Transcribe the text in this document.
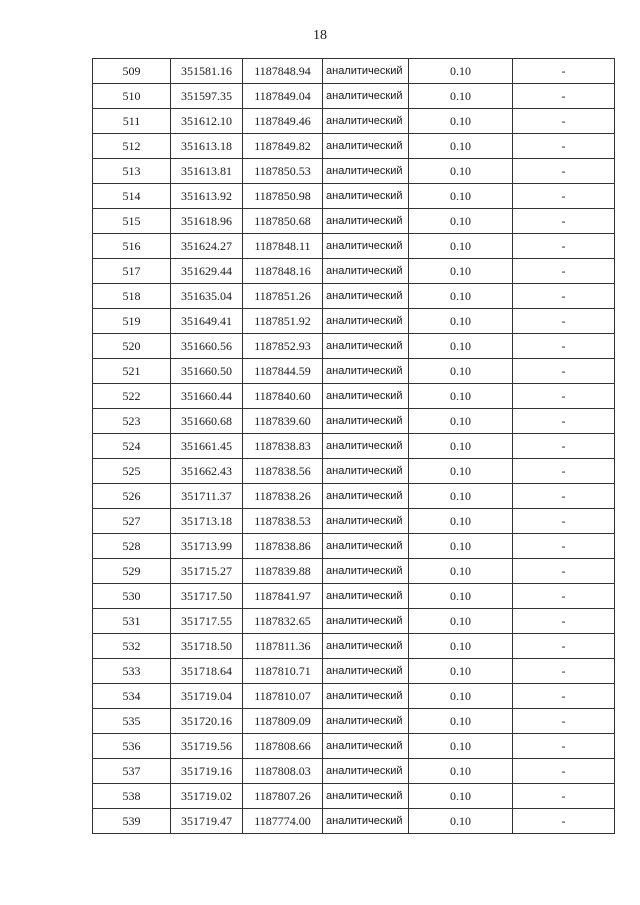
18
509	351581.16	1187848.94	аналитический	0.10	-
510	351597.35	1187849.04	аналитический	0.10	-
511	351612.10	1187849.46	аналитический	0.10	-
512	351613.18	1187849.82	аналитический	0.10	-
513	351613.81	1187850.53	аналитический	0.10	-
514	351613.92	1187850.98	аналитический	0.10	-
515	351618.96	1187850.68	аналитический	0.10	-
516	351624.27	1187848.11	аналитический	0.10	-
517	351629.44	1187848.16	аналитический	0.10	-
518	351635.04	1187851.26	аналитический	0.10	-
519	351649.41	1187851.92	аналитический	0.10	-
520	351660.56	1187852.93	аналитический	0.10	-
521	351660.50	1187844.59	аналитический	0.10	-
522	351660.44	1187840.60	аналитический	0.10	-
523	351660.68	1187839.60	аналитический	0.10	-
524	351661.45	1187838.83	аналитический	0.10	-
525	351662.43	1187838.56	аналитический	0.10	-
526	351711.37	1187838.26	аналитический	0.10	-
527	351713.18	1187838.53	аналитический	0.10	-
528	351713.99	1187838.86	аналитический	0.10	-
529	351715.27	1187839.88	аналитический	0.10	-
530	351717.50	1187841.97	аналитический	0.10	-
531	351717.55	1187832.65	аналитический	0.10	-
532	351718.50	1187811.36	аналитический	0.10	-
533	351718.64	1187810.71	аналитический	0.10	-
534	351719.04	1187810.07	аналитический	0.10	-
535	351720.16	1187809.09	аналитический	0.10	-
536	351719.56	1187808.66	аналитический	0.10	-
537	351719.16	1187808.03	аналитический	0.10	-
538	351719.02	1187807.26	аналитический	0.10	-
539	351719.47	1187774.00	аналитический	0.10	-
